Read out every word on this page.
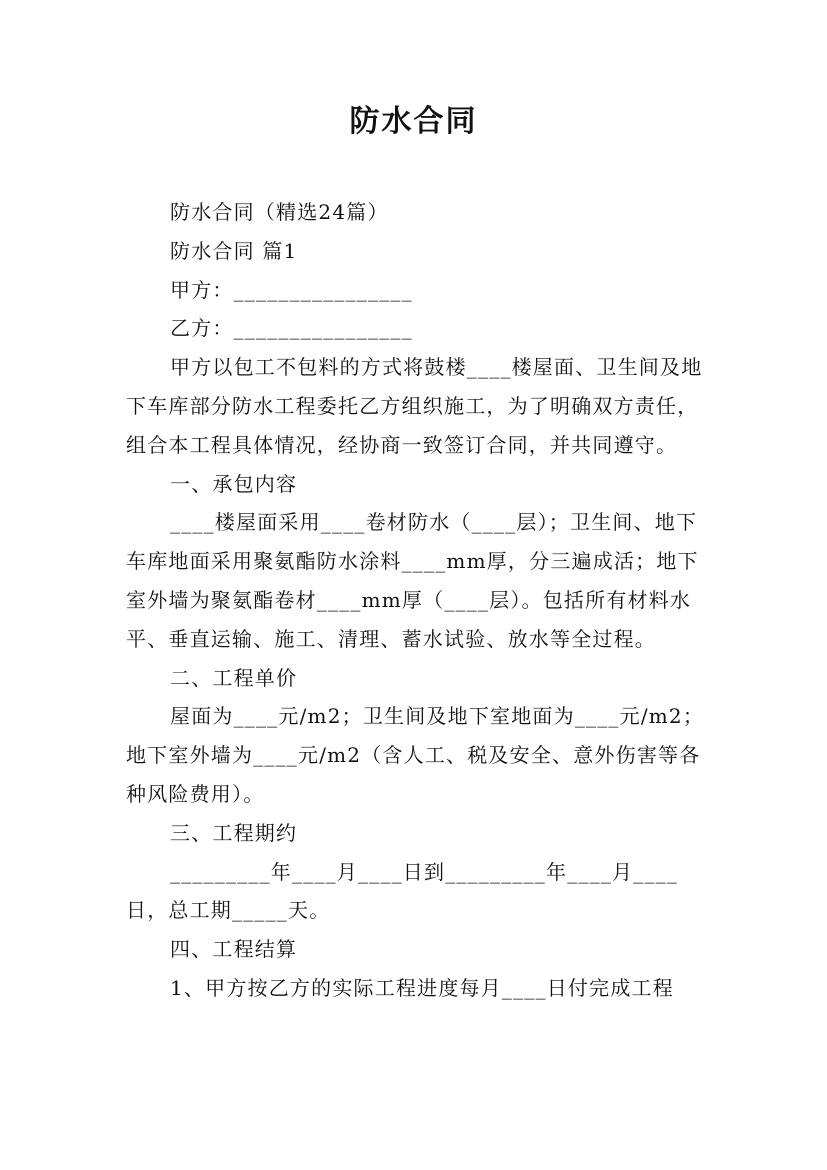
防水合同

防水合同（精选24篇）

防水合同 篇1

甲方：________________

乙方：________________

甲方以包工不包料的方式将鼓楼____楼屋面、卫生间及地下车库部分防水工程委托乙方组织施工，为了明确双方责任，组合本工程具体情况，经协商一致签订合同，并共同遵守。

一、承包内容

____楼屋面采用____卷材防水（____层）；卫生间、地下车库地面采用聚氨酯防水涂料____mm厚，分三遍成活；地下室外墙为聚氨酯卷材____mm厚（____层）。包括所有材料水平、垂直运输、施工、清理、蓄水试验、放水等全过程。

二、工程单价

屋面为____元/m2；卫生间及地下室地面为____元/m2；地下室外墙为____元/m2（含人工、税及安全、意外伤害等各种风险费用）。

三、工程期约

_________年____月____日到_________年____月____日，总工期_____天。

四、工程结算

1、甲方按乙方的实际工程进度每月____日付完成工程
